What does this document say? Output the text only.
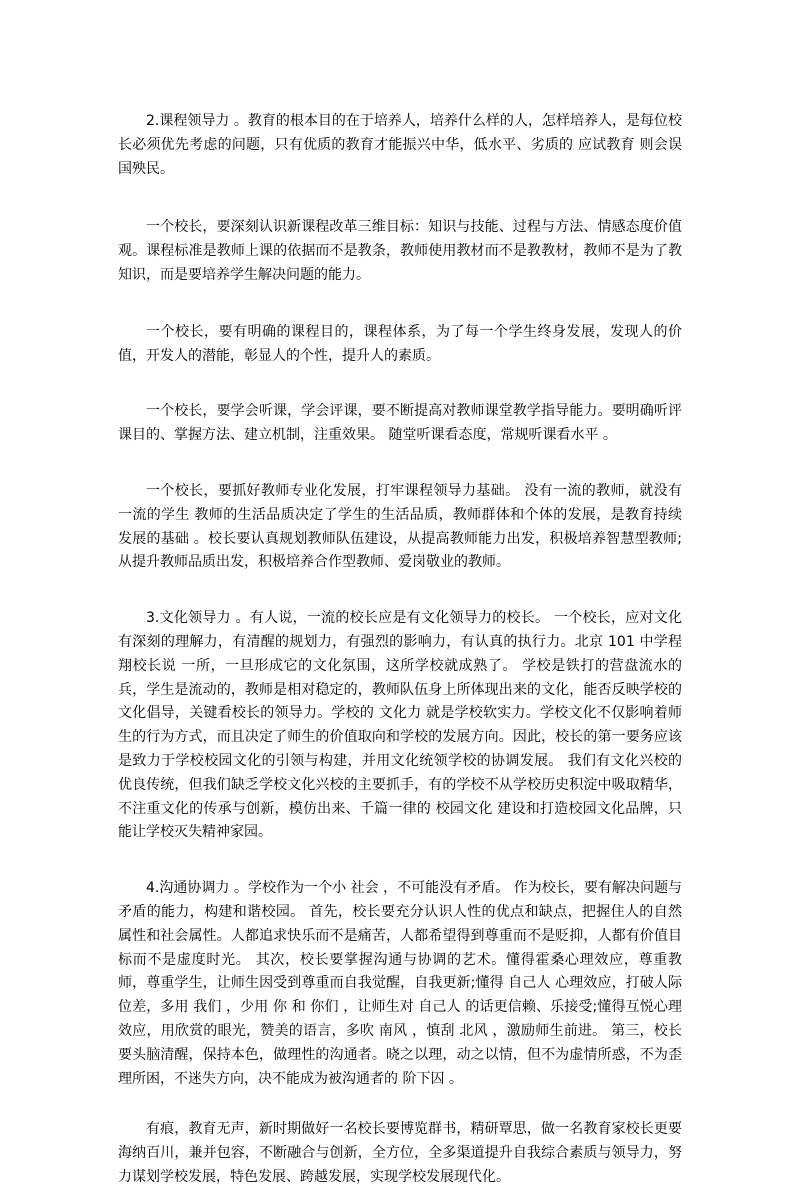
2.课程领导力 。教育的根本目的在于培养人，培养什么样的人，怎样培养人，是每位校长必须优先考虑的问题，只有优质的教育才能振兴中华，低水平、劣质的 应试教育 则会误国殃民。

一个校长，要深刻认识新课程改革三维目标：知识与技能、过程与方法、情感态度价值观。课程标准是教师上课的依据而不是教条，教师使用教材而不是教教材，教师不是为了教知识，而是要培养学生解决问题的能力。

一个校长，要有明确的课程目的，课程体系，为了每一个学生终身发展，发现人的价值，开发人的潜能，彰显人的个性，提升人的素质。

一个校长，要学会听课，学会评课，要不断提高对教师课堂教学指导能力。要明确听评课目的、掌握方法、建立机制，注重效果。 随堂听课看态度，常规听课看水平 。

一个校长，要抓好教师专业化发展，打牢课程领导力基础。 没有一流的教师，就没有一流的学生 教师的生活品质决定了学生的生活品质，教师群体和个体的发展，是教育持续发展的基础 。校长要认真规划教师队伍建设，从提高教师能力出发，积极培养智慧型教师;从提升教师品质出发，积极培养合作型教师、爱岗敬业的教师。

3.文化领导力 。有人说，一流的校长应是有文化领导力的校长。 一个校长，应对文化有深刻的理解力，有清醒的规划力，有强烈的影响力，有认真的执行力。北京 101 中学程翔校长说 一所，一旦形成它的文化氛围，这所学校就成熟了。 学校是铁打的营盘流水的兵，学生是流动的，教师是相对稳定的，教师队伍身上所体现出来的文化，能否反映学校的文化倡导，关键看校长的领导力。学校的 文化力 就是学校软实力。学校文化不仅影响着师生的行为方式，而且决定了师生的价值取向和学校的发展方向。因此，校长的第一要务应该是致力于学校校园文化的引领与构建，并用文化统领学校的协调发展。 我们有文化兴校的优良传统，但我们缺乏学校文化兴校的主要抓手，有的学校不从学校历史积淀中吸取精华，不注重文化的传承与创新，模仿出来、千篇一律的 校园文化 建设和打造校园文化品牌，只能让学校灭失精神家园。

4.沟通协调力 。学校作为一个小 社会 ，不可能没有矛盾。 作为校长，要有解决问题与矛盾的能力，构建和谐校园。 首先，校长要充分认识人性的优点和缺点，把握住人的自然属性和社会属性。人都追求快乐而不是痛苦，人都希望得到尊重而不是贬抑，人都有价值目标而不是虚度时光。 其次，校长要掌握沟通与协调的艺术。懂得霍桑心理效应，尊重教师，尊重学生，让师生因受到尊重而自我觉醒，自我更新;懂得 自己人 心理效应，打破人际位差，多用 我们 ，少用 你 和 你们 ，让师生对 自己人 的话更信赖、乐接受;懂得互悦心理效应，用欣赏的眼光，赞美的语言，多吹 南风 ，慎刮 北风 ，激励师生前进。 第三，校长要头脑清醒，保持本色，做理性的沟通者。晓之以理，动之以情，但不为虚情所惑，不为歪理所困，不迷失方向，决不能成为被沟通者的 阶下囚 。

有痕，教育无声，新时期做好一名校长要博览群书，精研覃思，做一名教育家校长更要海纳百川，兼并包容，不断融合与创新，全方位，全多渠道提升自我综合素质与领导力，努力谋划学校发展，特色发展、跨越发展，实现学校发展现代化。
